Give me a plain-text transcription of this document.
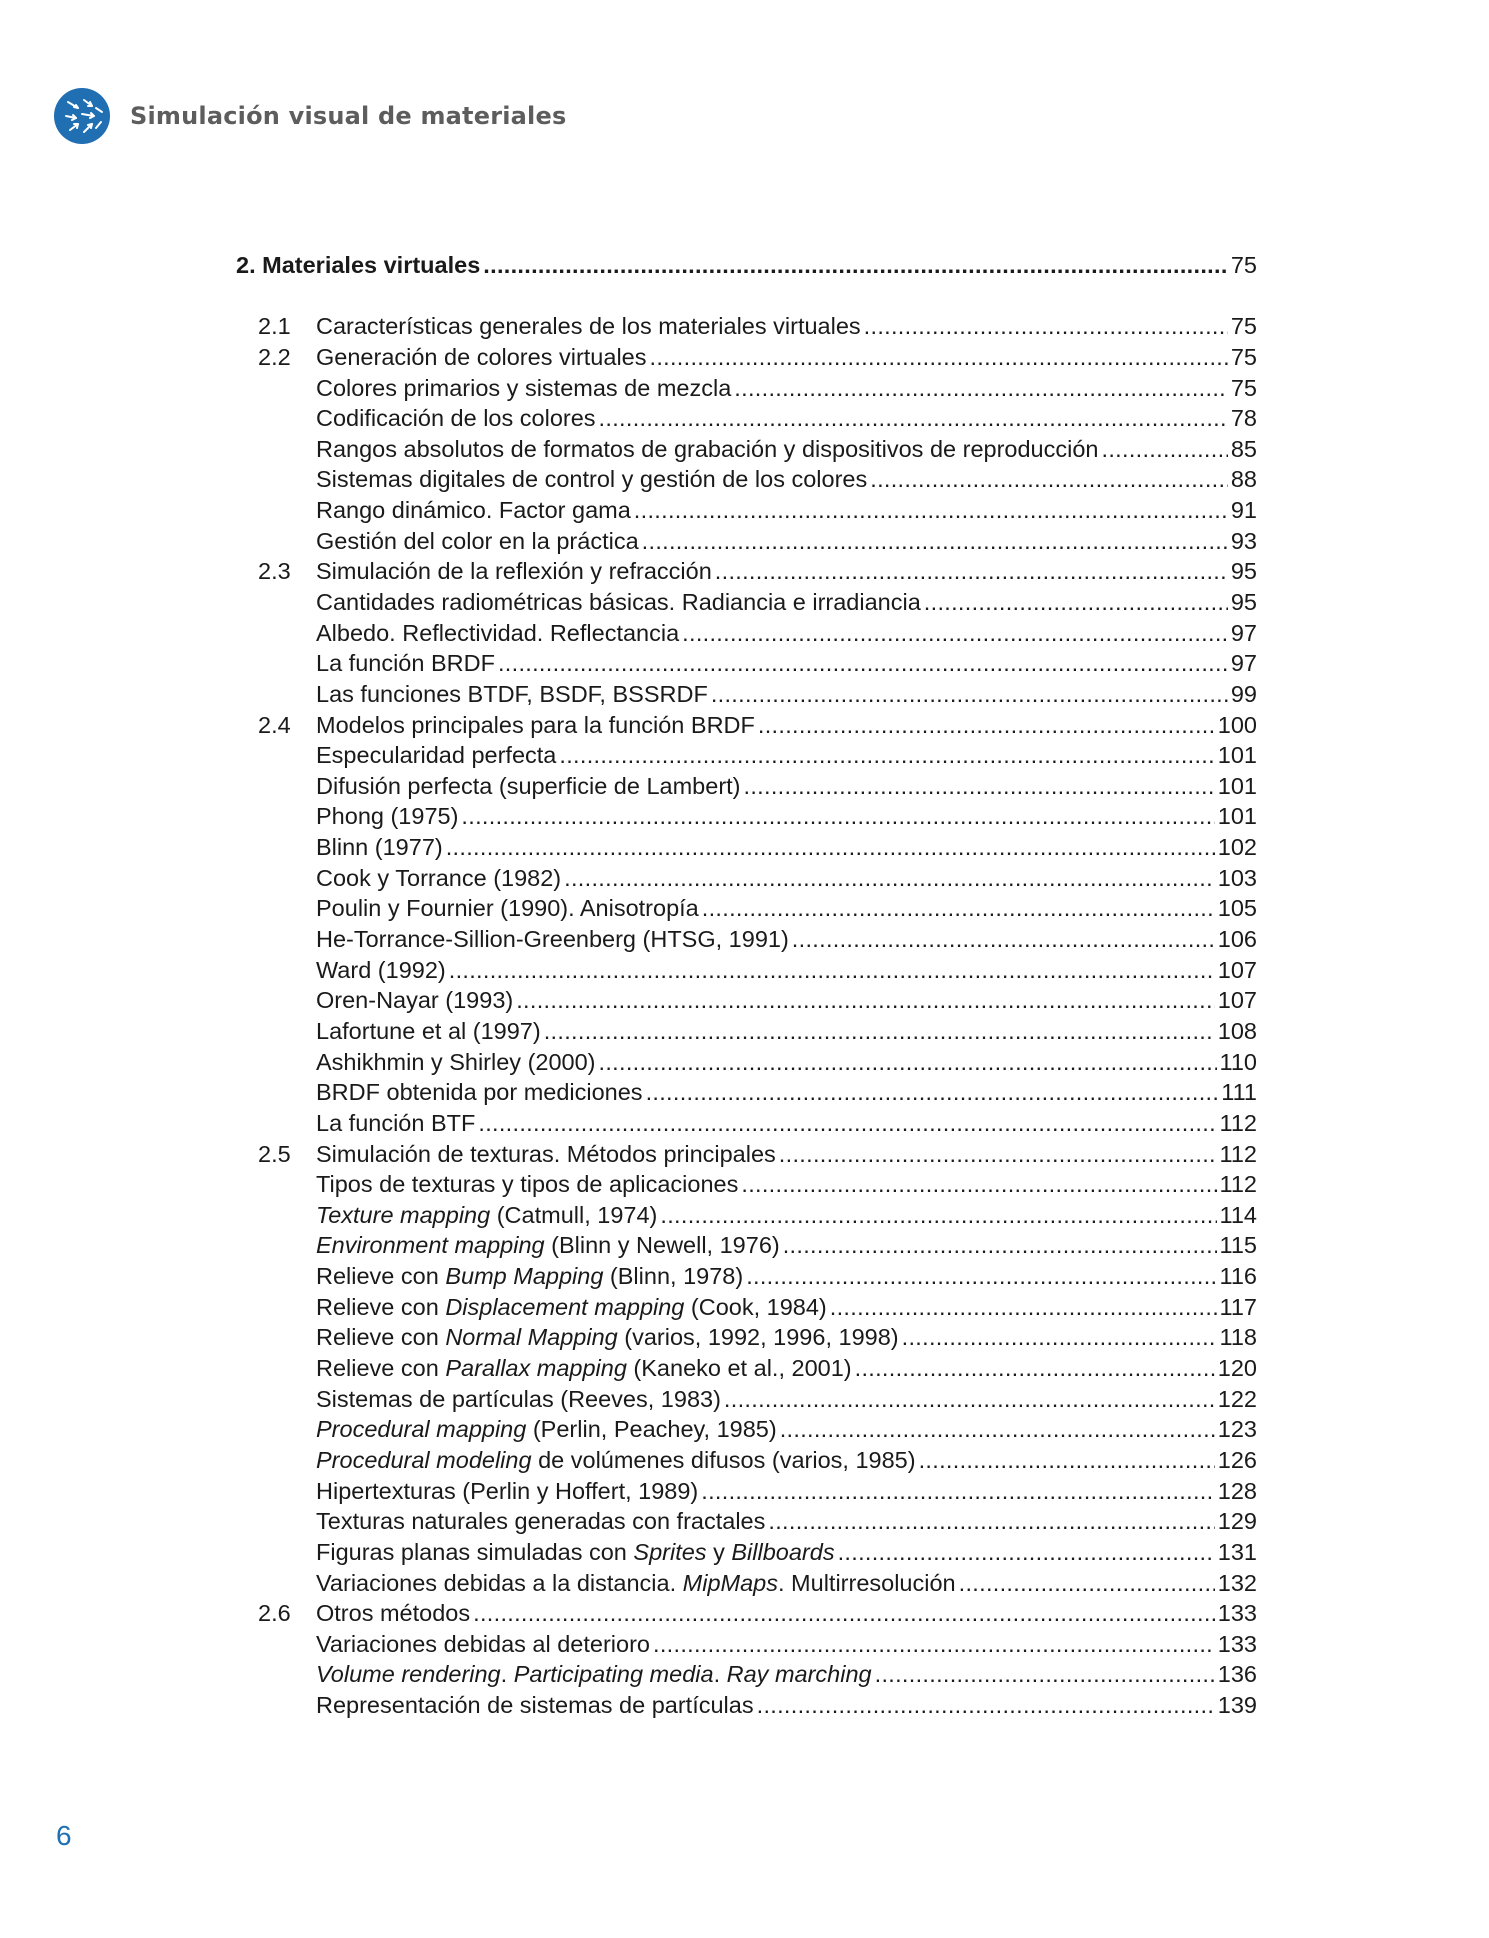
Simulación visual de materiales
2. Materiales virtuales .....	75
2.1 Características generales de los materiales virtuales .....	75
2.2 Generación de colores virtuales .....	75
Colores primarios y sistemas de mezcla .....	75
Codificación de los colores .....	78
Rangos absolutos de formatos de grabación y dispositivos de reproducción .....	85
Sistemas digitales de control y gestión de los colores .....	88
Rango dinámico. Factor gama .....	91
Gestión del color en la práctica .....	93
2.3 Simulación de la reflexión y refracción .....	95
Cantidades radiométricas básicas. Radiancia e irradiancia .....	95
Albedo. Reflectividad. Reflectancia .....	97
La función BRDF .....	97
Las funciones BTDF, BSDF, BSSRDF .....	99
2.4 Modelos principales para la función BRDF .....	100
Especularidad perfecta .....	101
Difusión perfecta (superficie de Lambert) .....	101
Phong (1975) .....	101
Blinn (1977) .....	102
Cook y Torrance (1982) .....	103
Poulin y Fournier (1990). Anisotropía .....	105
He-Torrance-Sillion-Greenberg (HTSG, 1991) .....	106
Ward (1992) .....	107
Oren-Nayar (1993) .....	107
Lafortune et al (1997) .....	108
Ashikhmin y Shirley (2000) .....	110
BRDF obtenida por mediciones .....	111
La función BTF .....	112
2.5 Simulación de texturas. Métodos principales .....	112
Tipos de texturas y tipos de aplicaciones .....	112
Texture mapping (Catmull, 1974) .....	114
Environment mapping (Blinn y Newell, 1976) .....	115
Relieve con Bump Mapping (Blinn, 1978) .....	116
Relieve con Displacement mapping (Cook, 1984) .....	117
Relieve con Normal Mapping (varios, 1992, 1996, 1998) .....	118
Relieve con Parallax mapping (Kaneko et al., 2001) .....	120
Sistemas de partículas (Reeves, 1983) .....	122
Procedural mapping (Perlin, Peachey, 1985) .....	123
Procedural modeling de volúmenes difusos (varios, 1985) .....	126
Hipertexturas (Perlin y Hoffert, 1989) .....	128
Texturas naturales generadas con fractales .....	129
Figuras planas simuladas con Sprites y Billboards .....	131
Variaciones debidas a la distancia. MipMaps. Multirresolución .....	132
2.6 Otros métodos .....	133
Variaciones debidas al deterioro .....	133
Volume rendering. Participating media. Ray marching .....	136
Representación de sistemas de partículas .....	139
6
